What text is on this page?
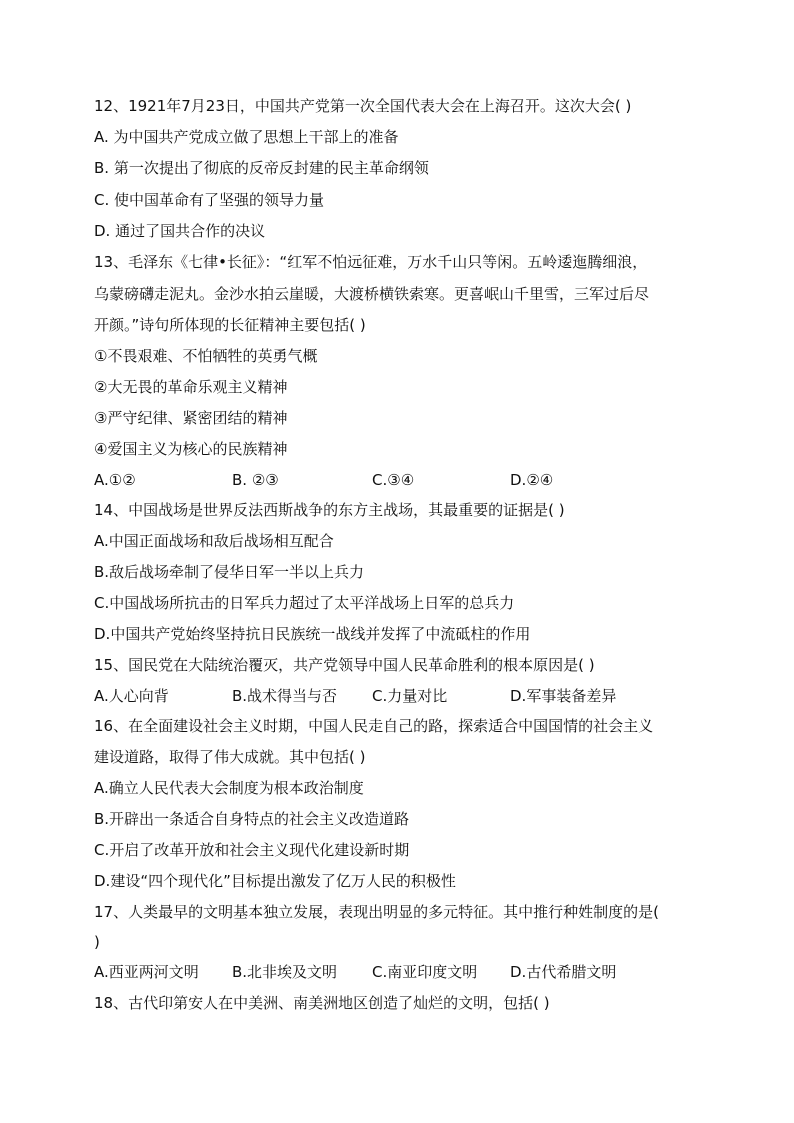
12、1921年7月23日，中国共产党第一次全国代表大会在上海召开。这次大会( )
A. 为中国共产党成立做了思想上干部上的准备
B. 第一次提出了彻底的反帝反封建的民主革命纲领
C. 使中国革命有了坚强的领导力量
D. 通过了国共合作的决议
13、毛泽东《七律•长征》：“红军不怕远征难，万水千山只等闲。五岭逶迤腾细浪，
乌蒙磅礴走泥丸。金沙水拍云崖暖，大渡桥横铁索寒。更喜岷山千里雪，三军过后尽
开颜。”诗句所体现的长征精神主要包括( )
①不畏艰难、不怕牺牲的英勇气概
②大无畏的革命乐观主义精神
③严守纪律、紧密团结的精神
④爱国主义为核心的民族精神
A.①②	B. ②③	C.③④	D.②④
14、中国战场是世界反法西斯战争的东方主战场，其最重要的证据是( )
A.中国正面战场和敌后战场相互配合
B.敌后战场牵制了侵华日军一半以上兵力
C.中国战场所抗击的日军兵力超过了太平洋战场上日军的总兵力
D.中国共产党始终坚持抗日民族统一战线并发挥了中流砥柱的作用
15、国民党在大陆统治覆灭，共产党领导中国人民革命胜利的根本原因是( )
A.人心向背	B.战术得当与否 C.力量对比	D.军事装备差异
16、在全面建设社会主义时期，中国人民走自己的路，探索适合中国国情的社会主义
建设道路，取得了伟大成就。其中包括( )
A.确立人民代表大会制度为根本政治制度
B.开辟出一条适合自身特点的社会主义改造道路
C.开启了改革开放和社会主义现代化建设新时期
D.建设“四个现代化”目标提出激发了亿万人民的积极性
17、人类最早的文明基本独立发展，表现出明显的多元特征。其中推行种姓制度的是(
)
A.西亚两河文明 B.北非埃及文明 C.南亚印度文明 D.古代希腊文明
18、古代印第安人在中美洲、南美洲地区创造了灿烂的文明，包括( )
